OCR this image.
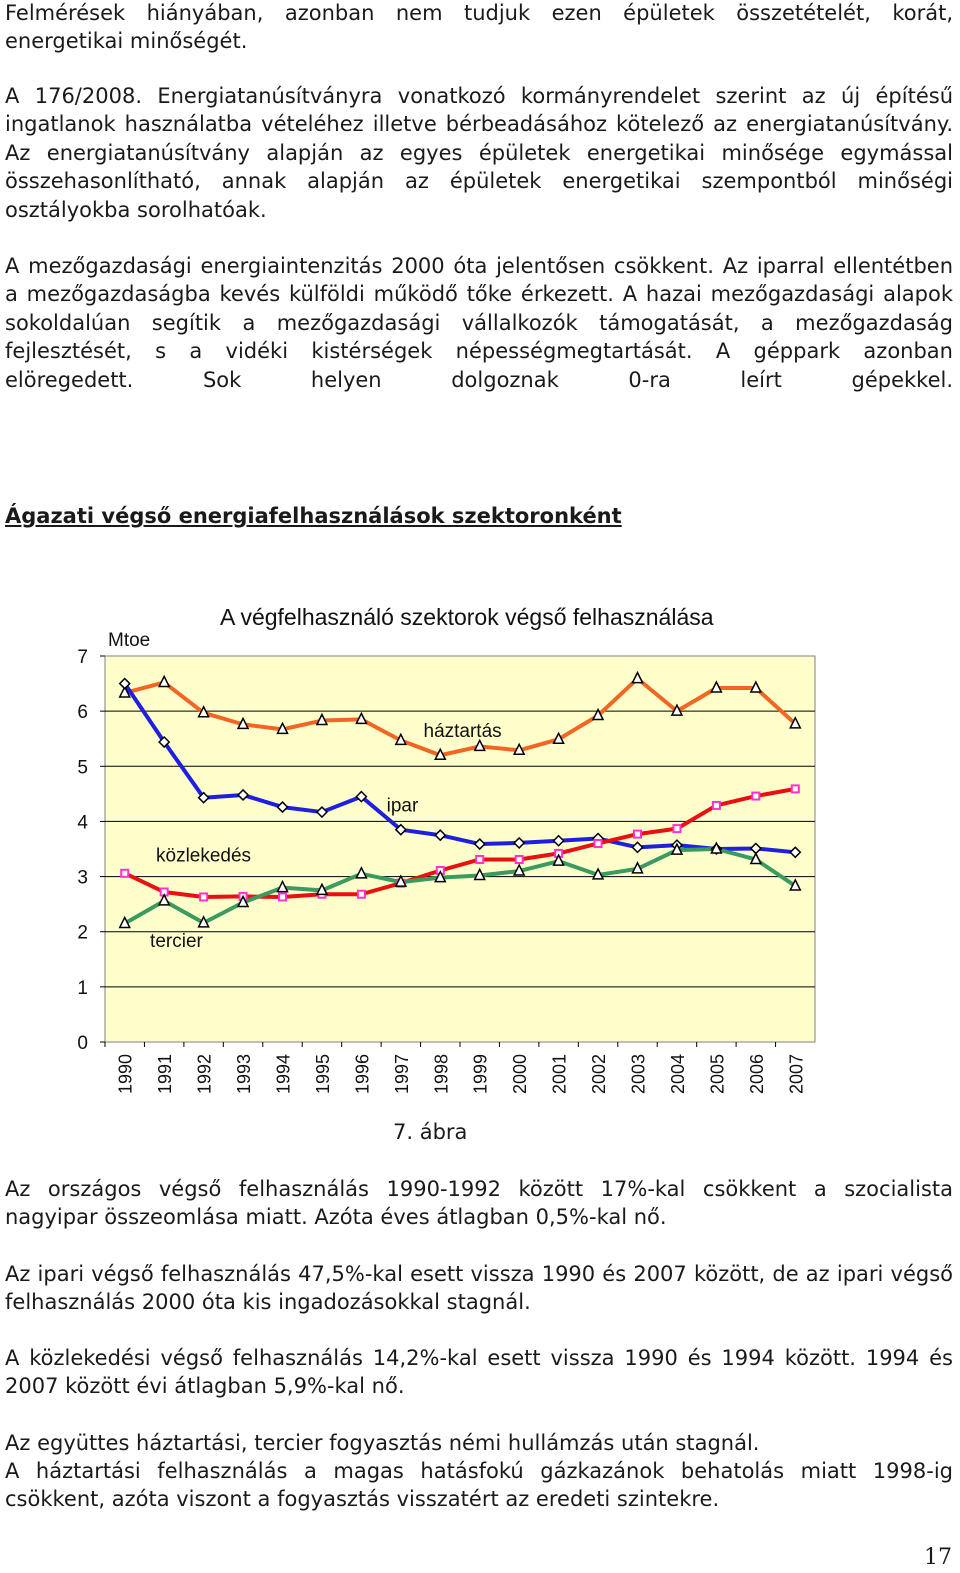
Felmérések hiányában, azonban nem tudjuk ezen épületek összetételét, korát, energetikai minőségét.

A 176/2008. Energiatanúsítványra vonatkozó kormányrendelet szerint az új építésű ingatlanok használatba vételéhez illetve bérbeadásához kötelező az energiatanúsítvány. Az energiatanúsítvány alapján az egyes épületek energetikai minősége egymással összehasonlítható, annak alapján az épületek energetikai szempontból minőségi osztályokba sorolhatóak.

A mezőgazdasági energiaintenzitás 2000 óta jelentősen csökkent. Az iparral ellentétben a mezőgazdaságba kevés külföldi működő tőke érkezett. A hazai mezőgazdasági alapok sokoldalúan segítik a mezőgazdasági vállalkozók támogatását, a mezőgazdaság fejlesztését, s a vidéki kistérségek népességmegtartását. A géppark azonban elöregedett. Sok helyen dolgoznak 0-ra leírt gépekkel.

Ágazati végső energiafelhasználások szektoronként

A végfelhasználó szektorok végső felhasználása
0
1
2
3
4
5
6
7
Mtoe
1990 1991 1992 1993 1994 1995 1996 1997 1998 1999 2000 2001 2002 2003 2004 2005 2006 2007
háztartás
ipar
közlekedés
tercier

7. ábra

Az országos végső felhasználás 1990-1992 között 17%-kal csökkent a szocialista nagyipar összeomlása miatt. Azóta éves átlagban 0,5%-kal nő.

Az ipari végső felhasználás 47,5%-kal esett vissza 1990 és 2007 között, de az ipari végső felhasználás 2000 óta kis ingadozásokkal stagnál.

A közlekedési végső felhasználás 14,2%-kal esett vissza 1990 és 1994 között. 1994 és 2007 között évi átlagban 5,9%-kal nő.

Az együttes háztartási, tercier fogyasztás némi hullámzás után stagnál.

A háztartási felhasználás a magas hatásfokú gázkazánok behatolás miatt 1998-ig csökkent, azóta viszont a fogyasztás visszatért az eredeti szintekre.

17
